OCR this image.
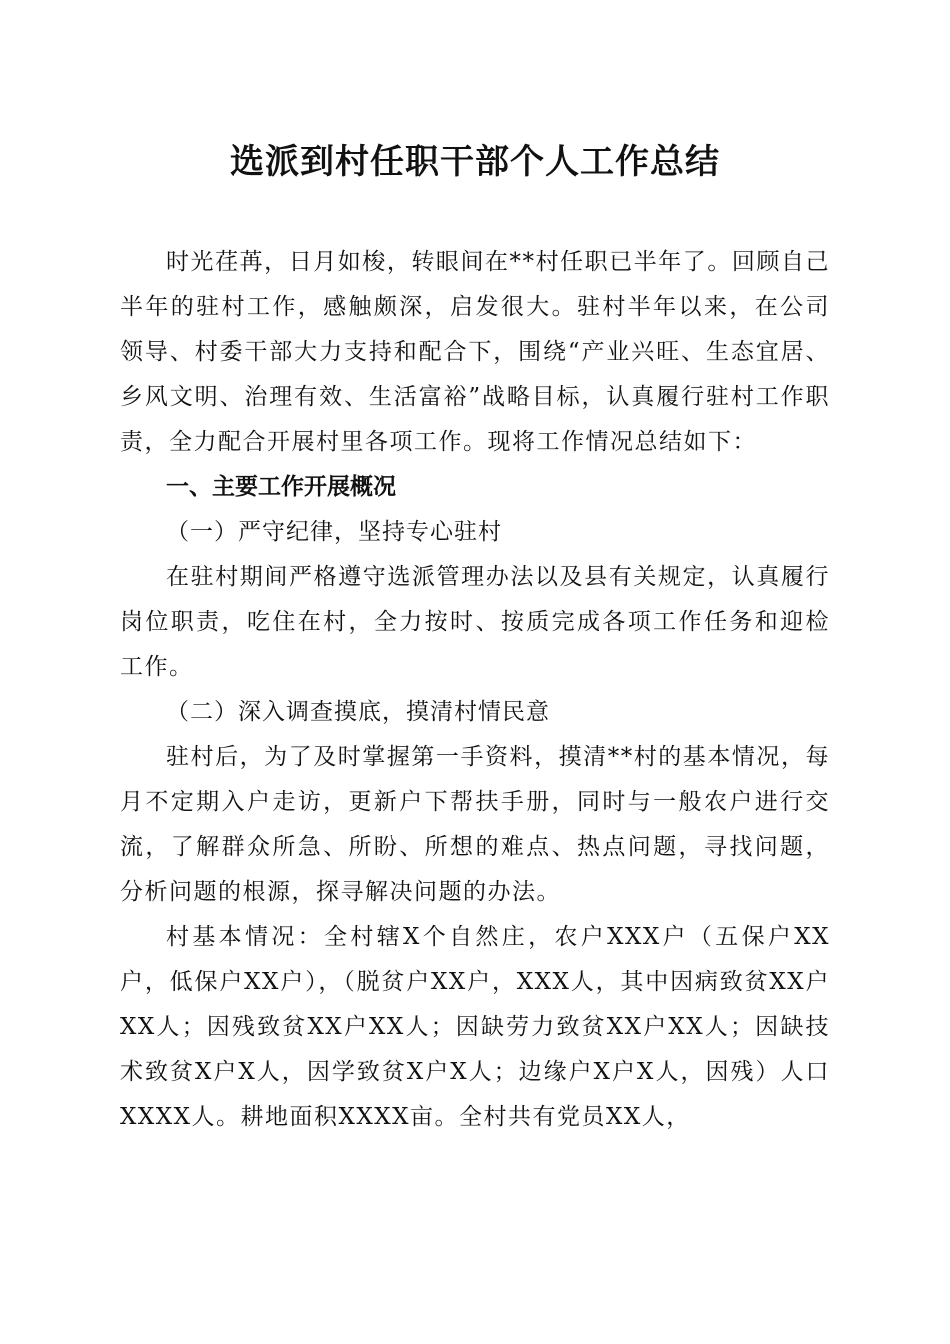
选派到村任职干部个人工作总结

时光荏苒，日月如梭，转眼间在**村任职已半年了。回顾自己半年的驻村工作，感触颇深，启发很大。驻村半年以来，在公司领导、村委干部大力支持和配合下，围绕“产业兴旺、生态宜居、乡风文明、治理有效、生活富裕”战略目标，认真履行驻村工作职责，全力配合开展村里各项工作。现将工作情况总结如下：

一、主要工作开展概况

（一）严守纪律，坚持专心驻村

在驻村期间严格遵守选派管理办法以及县有关规定，认真履行岗位职责，吃住在村，全力按时、按质完成各项工作任务和迎检工作。

（二）深入调查摸底，摸清村情民意

驻村后，为了及时掌握第一手资料，摸清**村的基本情况，每月不定期入户走访，更新户下帮扶手册，同时与一般农户进行交流，了解群众所急、所盼、所想的难点、热点问题，寻找问题，分析问题的根源，探寻解决问题的办法。

村基本情况：全村辖X个自然庄，农户XXX户（五保户XX户，低保户XX户），（脱贫户XX户，XXX人，其中因病致贫XX户XX人；因残致贫XX户XX人；因缺劳力致贫XX户XX人；因缺技术致贫X户X人，因学致贫X户X人；边缘户X户X人，因残）人口XXXX人。耕地面积XXXX亩。全村共有党员XX人，
